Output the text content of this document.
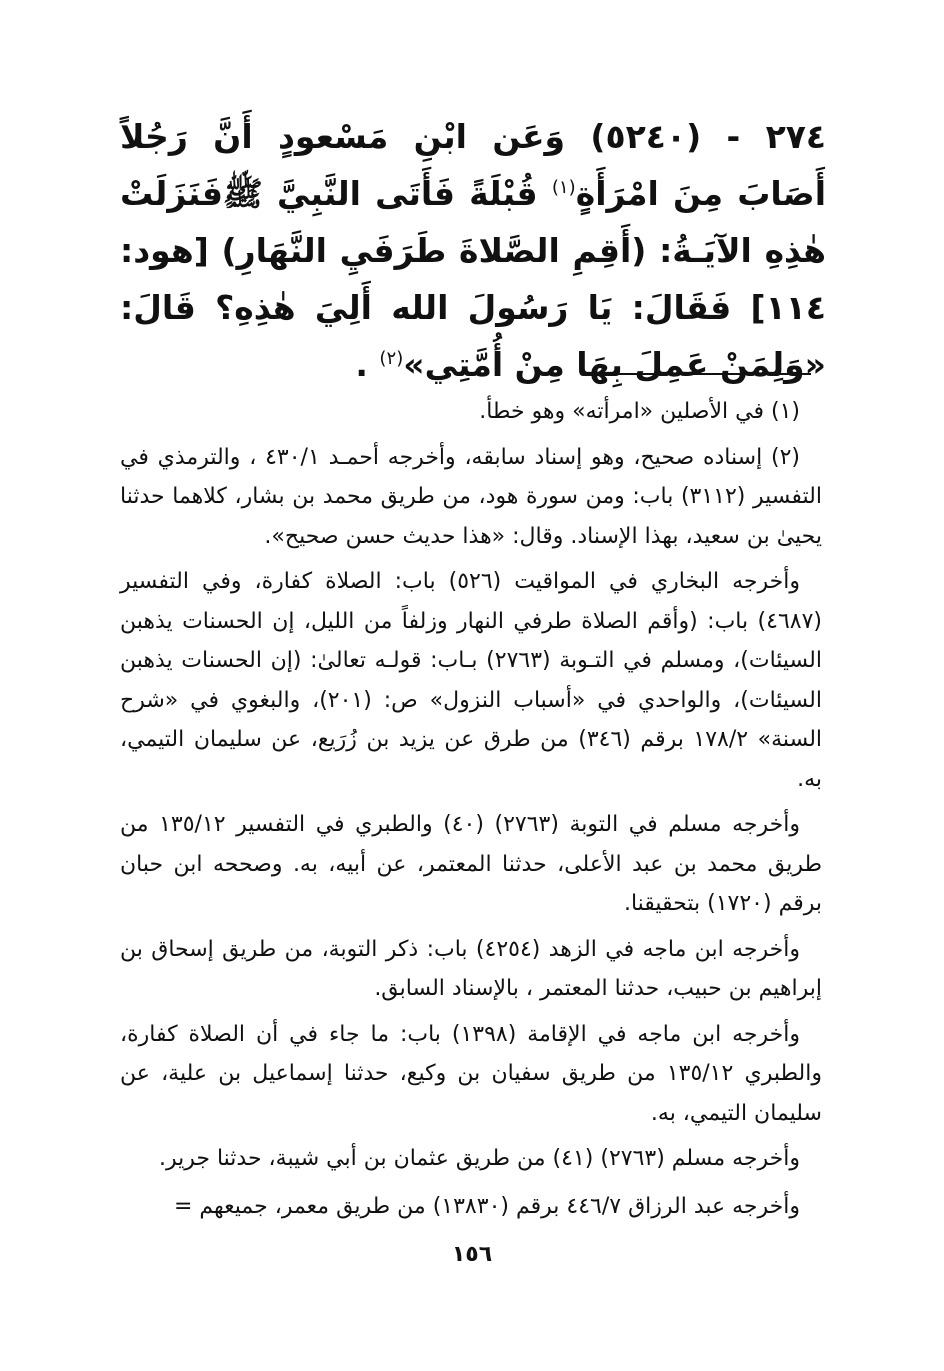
٢٧٤ - (٥٢٤٠) وَعَن ابْنِ مَسْعودٍ أَنَّ رَجُلاً أَصَابَ مِنَ امْرَأَةٍ$^{(١)}$ قُبْلَةً فَأَتَى النَّبِيَّ ﷺفَنَزَلَتْ هٰذِهِ الآيَـةُ: (أَقِمِ الصَّلاةَ طَرَفَيِ النَّهَارِ) [هود: ١١٤] فَقَالَ: يَا رَسُولَ الله أَلِيَ هٰذِهِ؟ قَالَ: «وَلِمَنْ عَمِلَ بِهَا مِنْ أُمَّتِي»$^{(٢)}$ .

(١) في الأصلين «امرأته» وهو خطأ.

(٢) إسناده صحيح، وهو إسناد سابقه، وأخرجه أحمـد ٤٣٠/١ ، والترمذي في التفسير (٣١١٢) باب: ومن سورة هود، من طريق محمد بن بشار، كلاهما حدثنا يحيىٰ بن سعيد، بهذا الإسناد. وقال: «هذا حديث حسن صحيح».

وأخرجه البخاري في المواقيت (٥٢٦) باب: الصلاة كفارة، وفي التفسير (٤٦٨٧) باب: (وأقم الصلاة طرفي النهار وزلفاً من الليل، إن الحسنات يذهبن السيئات)، ومسلم في التـوبة (٢٧٦٣) بـاب: قولـه تعالىٰ: (إن الحسنات يذهبن السيئات)، والواحدي في «أسباب النزول» ص: (٢٠١)، والبغوي في «شرح السنة» ١٧٨/٢ برقم (٣٤٦) من طرق عن يزيد بن زُرَيع، عن سليمان التيمي، به.

وأخرجه مسلم في التوبة (٢٧٦٣) (٤٠) والطبري في التفسير ١٣٥/١٢ من طريق محمد بن عبد الأعلى، حدثنا المعتمر، عن أبيه، به. وصححه ابن حبان برقم (١٧٢٠) بتحقيقنا.

وأخرجه ابن ماجه في الزهد (٤٢٥٤) باب: ذكر التوبة، من طريق إسحاق بن إبراهيم بن حبيب، حدثنا المعتمر ، بالإسناد السابق.

وأخرجه ابن ماجه في الإقامة (١٣٩٨) باب: ما جاء في أن الصلاة كفارة، والطبري ١٣٥/١٢ من طريق سفيان بن وكيع، حدثنا إسماعيل بن علية، عن سليمان التيمي، به.

وأخرجه مسلم (٢٧٦٣) (٤١) من طريق عثمان بن أبي شيبة، حدثنا جرير.

وأخرجه عبد الرزاق ٤٤٦/٧ برقم (١٣٨٣٠) من طريق معمر، جميعهم =

١٥٦
